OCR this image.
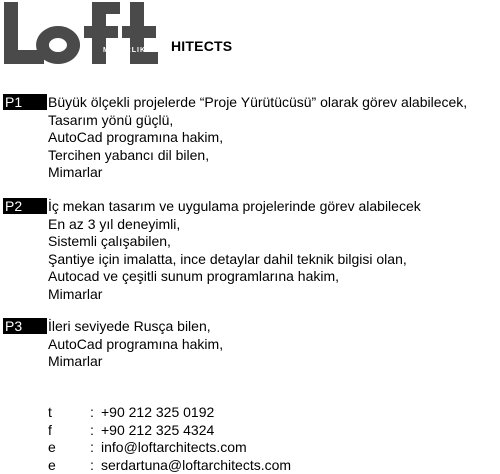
MIMARLIK HITECTS
P1	Büyük ölçekli projelerde “Proje Yürütücüsü” olarak görev alabilecek,
Tasarım yönü güçlü,
AutoCad programına hakim,
Tercihen yabancı dil bilen,
Mimarlar
P2	İç mekan tasarım ve uygulama projelerinde görev alabilecek
En az 3 yıl deneyimli,
Sistemli çalışabilen,
Şantiye için imalatta, ince detaylar dahil teknik bilgisi olan,
Autocad ve çeşitli sunum programlarına hakim,
Mimarlar
P3	İleri seviyede Rusça bilen,
AutoCad programına hakim,
Mimarlar
t	: +90 212 325 0192
f	: +90 212 325 4324
e : info@loftarchitects.com
e : serdartuna@loftarchitects.com
